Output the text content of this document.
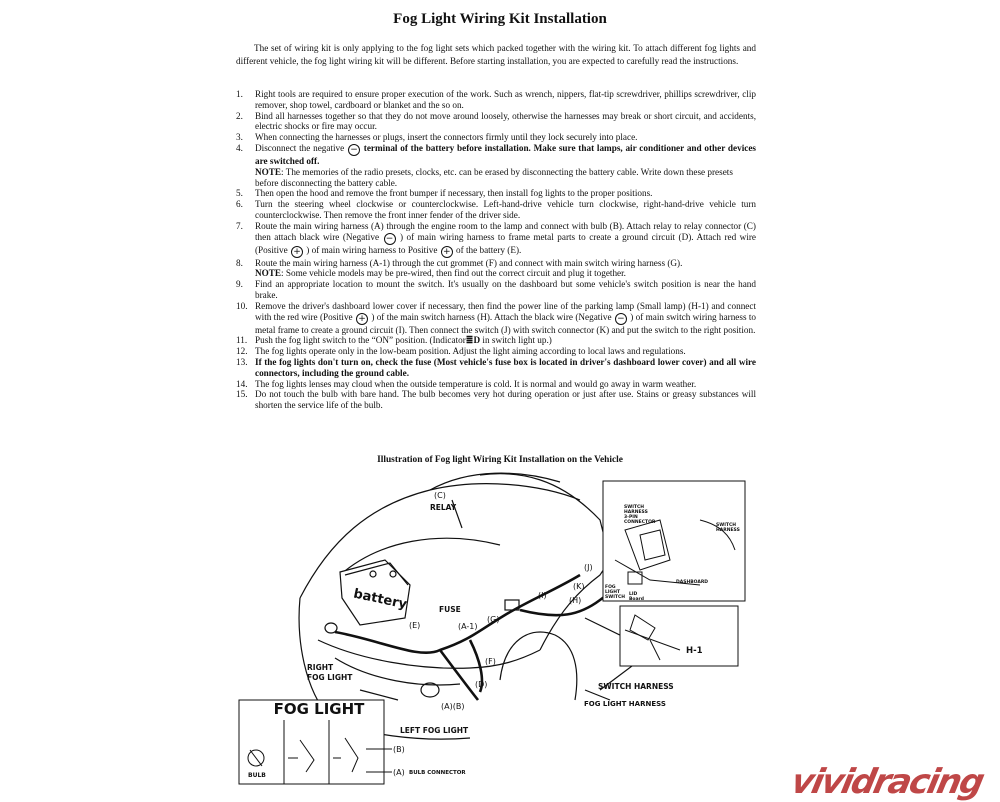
Fog Light Wiring Kit Installation
The set of wiring kit is only applying to the fog light sets which packed together with the wiring kit. To attach different fog lights and different vehicle, the fog light wiring kit will be different. Before starting installation, you are expected to carefully read the instructions.
1.	Right tools are required to ensure proper execution of the work. Such as wrench, nippers, flat-tip screwdriver, phillips screwdriver, clip remover, shop towel, cardboard or blanket and the so on.
2.	Bind all harnesses together so that they do not move around loosely, otherwise the harnesses may break or short circuit, and accidents, electric shocks or fire may occur.
3.	When connecting the harnesses or plugs, insert the connectors firmly until they lock securely into place.
4.	Disconnect the negative − terminal of the battery before installation. Make sure that lamps, air conditioner and other devices are switched off.
NOTE: The memories of the radio presets, clocks, etc. can be erased by disconnecting the battery cable. Write down these presets before disconnecting the battery cable.
5.	Then open the hood and remove the front bumper if necessary, then install fog lights to the proper positions.
6.	Turn the steering wheel clockwise or counterclockwise. Left-hand-drive vehicle turn clockwise, right-hand-drive vehicle turn counterclockwise. Then remove the front inner fender of the driver side.
7.	Route the main wiring harness (A) through the engine room to the lamp and connect with bulb (B). Attach relay to relay connector (C) then attach black wire (Negative − ) of main wiring harness to frame metal parts to create a ground circuit (D). Attach red wire (Positive + ) of main wiring harness to Positive + of the battery (E).
8.	Route the main wiring harness (A-1) through the cut grommet (F) and connect with main switch wiring harness (G).
NOTE: Some vehicle models may be pre-wired, then find out the correct circuit and plug it together.
9.	Find an appropriate location to mount the switch. It's usually on the dashboard but some vehicle's switch position is near the hand brake.
10. Remove the driver's dashboard lower cover if necessary, then find the power line of the parking lamp (Small lamp) (H-1) and connect with the red wire (Positive + ) of the main switch harness (H). Attach the black wire (Negative − ) of main switch wiring harness to metal frame to create a ground circuit (I). Then connect the switch (J) with switch connector (K) and put the switch to the right position.
11. Push the fog light switch to the “ON” position. (Indicator≣D in switch light up.)
12. The fog lights operate only in the low-beam position. Adjust the light aiming according to local laws and regulations.
13. If the fog lights don't turn on, check the fuse (Most vehicle's fuse box is located in driver's dashboard lower cover) and all wire connectors, including the ground cable.
14. The fog lights lenses may cloud when the outside temperature is cold. It is normal and would go away in warm weather.
15. Do not touch the bulb with bare hand. The bulb becomes very hot during operation or just after use. Stains or greasy substances will shorten the service life of the bulb.
Illustration of Fog light Wiring Kit Installation on the Vehicle
(C)
RELAY
battery	FUSE
(E)	(A-1)
(G)
(F)
(D)
(A)(B)
(I)
(J)
(K)
(H)
H-1
RIGHT
FOG LIGHT
LEFT FOG LIGHT
SWITCH HARNESS
FOG LIGHT HARNESS
SWITCH
HARNESS
3-PIN
CONNECTOR
SWITCH
HARNESS
DASHBOARD
FOG
LIGHT
SWITCH
LID
Board
FOG LIGHT
BULB
(B)
(A) BULB CONNECTOR	vividracing
